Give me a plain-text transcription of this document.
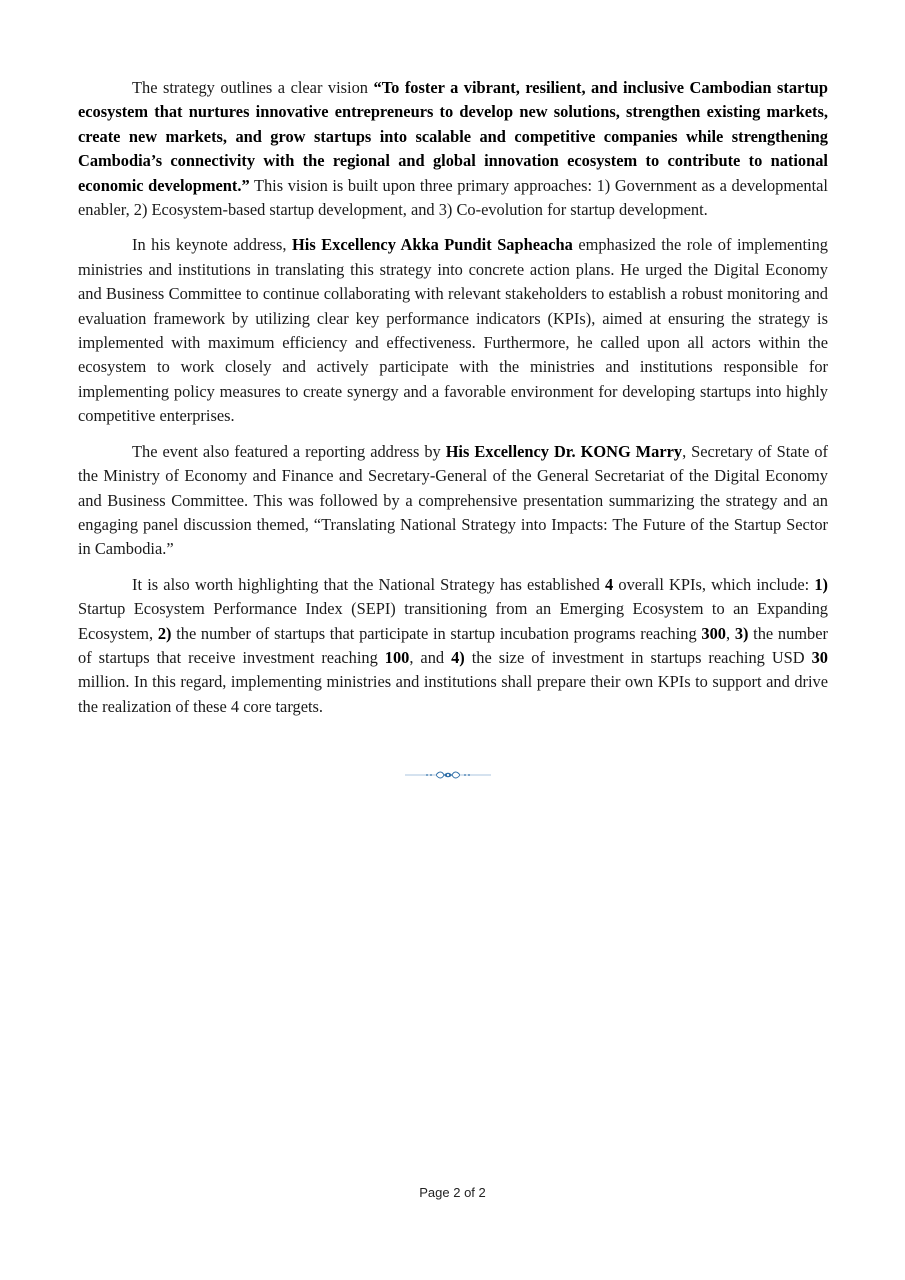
The strategy outlines a clear vision “To foster a vibrant, resilient, and inclusive Cambodian startup ecosystem that nurtures innovative entrepreneurs to develop new solutions, strengthen existing markets, create new markets, and grow startups into scalable and competitive companies while strengthening Cambodia’s connectivity with the regional and global innovation ecosystem to contribute to national economic development.” This vision is built upon three primary approaches: 1) Government as a developmental enabler, 2) Ecosystem-based startup development, and 3) Co-evolution for startup development.

In his keynote address, His Excellency Akka Pundit Sapheacha emphasized the role of implementing ministries and institutions in translating this strategy into concrete action plans. He urged the Digital Economy and Business Committee to continue collaborating with relevant stakeholders to establish a robust monitoring and evaluation framework by utilizing clear key performance indicators (KPIs), aimed at ensuring the strategy is implemented with maximum efficiency and effectiveness. Furthermore, he called upon all actors within the ecosystem to work closely and actively participate with the ministries and institutions responsible for implementing policy measures to create synergy and a favorable environment for developing startups into highly competitive enterprises.

The event also featured a reporting address by His Excellency Dr. KONG Marry, Secretary of State of the Ministry of Economy and Finance and Secretary-General of the General Secretariat of the Digital Economy and Business Committee. This was followed by a comprehensive presentation summarizing the strategy and an engaging panel discussion themed, “Translating National Strategy into Impacts: The Future of the Startup Sector in Cambodia.”

It is also worth highlighting that the National Strategy has established 4 overall KPIs, which include: 1) Startup Ecosystem Performance Index (SEPI) transitioning from an Emerging Ecosystem to an Expanding Ecosystem, 2) the number of startups that participate in startup incubation programs reaching 300, 3) the number of startups that receive investment reaching 100, and 4) the size of investment in startups reaching USD 30 million. In this regard, implementing ministries and institutions shall prepare their own KPIs to support and drive the realization of these 4 core targets.

Page 2 of 2
